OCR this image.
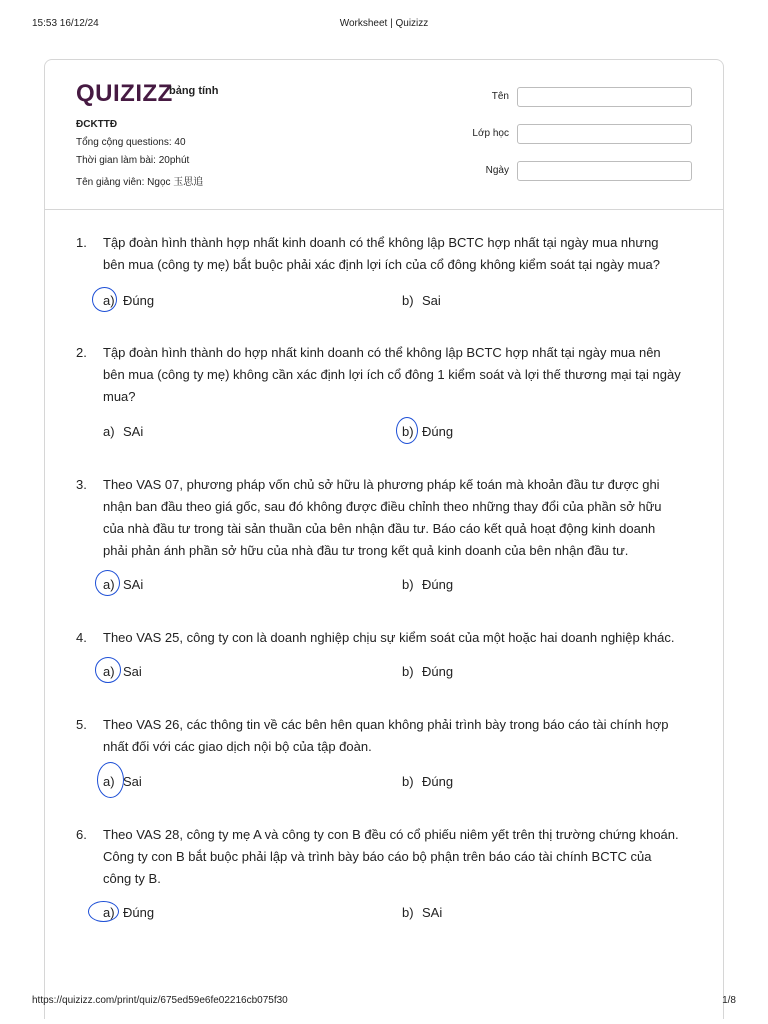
15:53 16/12/24	Worksheet | Quizizz
QUIZIZZ
bảng tính
ĐCKTTĐ
Tổng cộng questions: 40
Thời gian làm bài: 20phút
Tên giảng viên: Ngọc 玉思追
Tên
Lớp học
Ngày
1. Tập đoàn hình thành hợp nhất kinh doanh có thể không lập BCTC hợp nhất tại ngày mua nhưng
bên mua (công ty mẹ) bắt buộc phải xác định lợi ích của cổ đông không kiểm soát tại ngày mua?
a) Đúng	b) Sai
2. Tập đoàn hình thành do hợp nhất kinh doanh có thể không lập BCTC hợp nhất tại ngày mua nên
bên mua (công ty mẹ) không cần xác định lợi ích cổ đông 1 kiểm soát và lợi thế thương mại tại ngày
mua?
a) SAi	b) Đúng
3. Theo VAS 07, phương pháp vốn chủ sở hữu là phương pháp kế toán mà khoản đầu tư được ghi
nhận ban đầu theo giá gốc, sau đó không được điều chỉnh theo những thay đổi của phần sở hữu
của nhà đầu tư trong tài sản thuần của bên nhận đầu tư. Báo cáo kết quả hoạt động kinh doanh
phải phản ánh phần sở hữu của nhà đầu tư trong kết quả kinh doanh của bên nhận đầu tư.
a) SAi	b) Đúng
4. Theo VAS 25, công ty con là doanh nghiệp chịu sự kiểm soát của một hoặc hai doanh nghiệp khác.
a) Sai	b) Đúng
5. Theo VAS 26, các thông tin về các bên hên quan không phải trình bày trong báo cáo tài chính hợp
nhất đối với các giao dịch nội bộ của tập đoàn.
a) Sai	b) Đúng
6. Theo VAS 28, công ty mẹ A và công ty con B đều có cổ phiếu niêm yết trên thị trường chứng khoán.
Công ty con B bắt buộc phải lập và trình bày báo cáo bộ phận trên báo cáo tài chính BCTC của
công ty B.
a) Đúng	b) SAi
https://quizizz.com/print/quiz/675ed59e6fe02216cb075f30	1/8
